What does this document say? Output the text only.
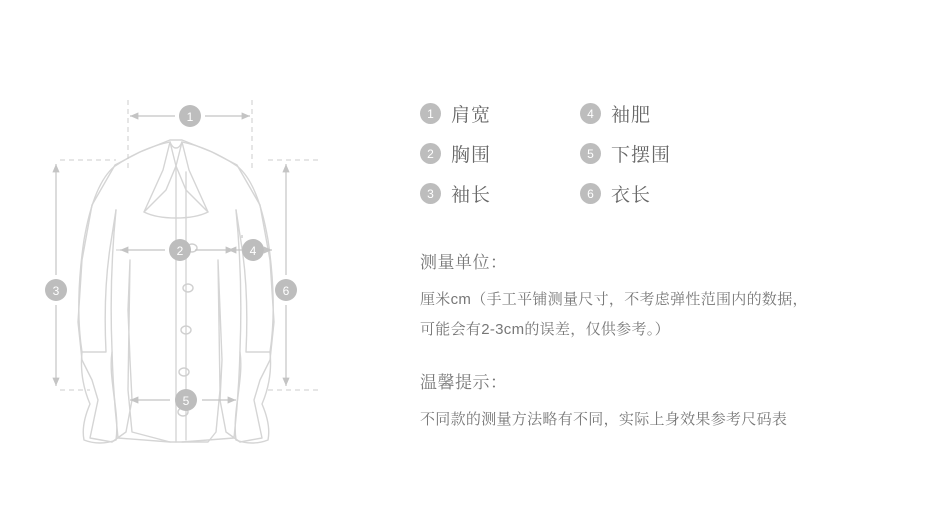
1
2
3
4
5
6
1 肩宽	4 袖肥
2 胸围	5 下摆围
3 袖长	6 衣长
测量单位：
厘米cm（手工平铺测量尺寸，不考虑弹性范围内的数据，
可能会有2-3cm的误差，仅供参考。）
温馨提示：
不同款的测量方法略有不同，实际上身效果参考尺码表
